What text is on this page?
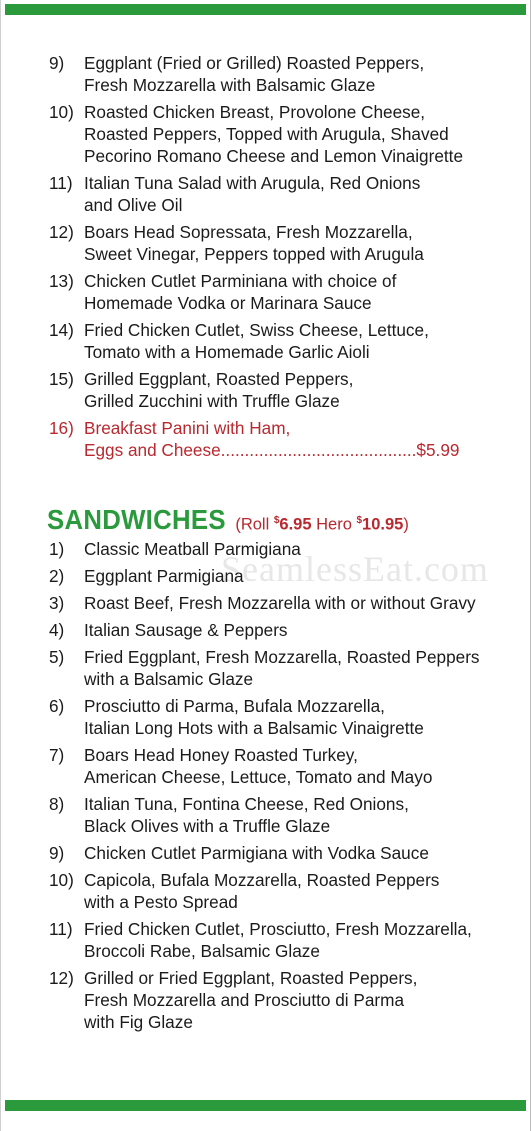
SeamlessEat.com
9)	Eggplant (Fried or Grilled) Roasted Peppers,
Fresh Mozzarella with Balsamic Glaze
10) Roasted Chicken Breast, Provolone Cheese,
Roasted Peppers, Topped with Arugula, Shaved
Pecorino Romano Cheese and Lemon Vinaigrette
11) Italian Tuna Salad with Arugula, Red Onions
and Olive Oil
12) Boars Head Sopressata, Fresh Mozzarella,
Sweet Vinegar, Peppers topped with Arugula
13) Chicken Cutlet Parminiana with choice of
Homemade Vodka or Marinara Sauce
14) Fried Chicken Cutlet, Swiss Cheese, Lettuce,
Tomato with a Homemade Garlic Aioli
15) Grilled Eggplant, Roasted Peppers,
Grilled Zucchini with Truffle Glaze
16) Breakfast Panini with Ham,
Eggs and Cheese.........................................$5.99
SANDWICHES (Roll $6.95 Hero $10.95)
1)	Classic Meatball Parmigiana
2)	Eggplant Parmigiana
3)	Roast Beef, Fresh Mozzarella with or without Gravy
4)	Italian Sausage & Peppers
5)	Fried Eggplant, Fresh Mozzarella, Roasted Peppers
with a Balsamic Glaze
6)	Prosciutto di Parma, Bufala Mozzarella,
Italian Long Hots with a Balsamic Vinaigrette
7)	Boars Head Honey Roasted Turkey,
American Cheese, Lettuce, Tomato and Mayo
8)	Italian Tuna, Fontina Cheese, Red Onions,
Black Olives with a Truffle Glaze
9)	Chicken Cutlet Parmigiana with Vodka Sauce
10) Capicola, Bufala Mozzarella, Roasted Peppers
with a Pesto Spread
11) Fried Chicken Cutlet, Prosciutto, Fresh Mozzarella,
Broccoli Rabe, Balsamic Glaze
12) Grilled or Fried Eggplant, Roasted Peppers,
Fresh Mozzarella and Prosciutto di Parma
with Fig Glaze
